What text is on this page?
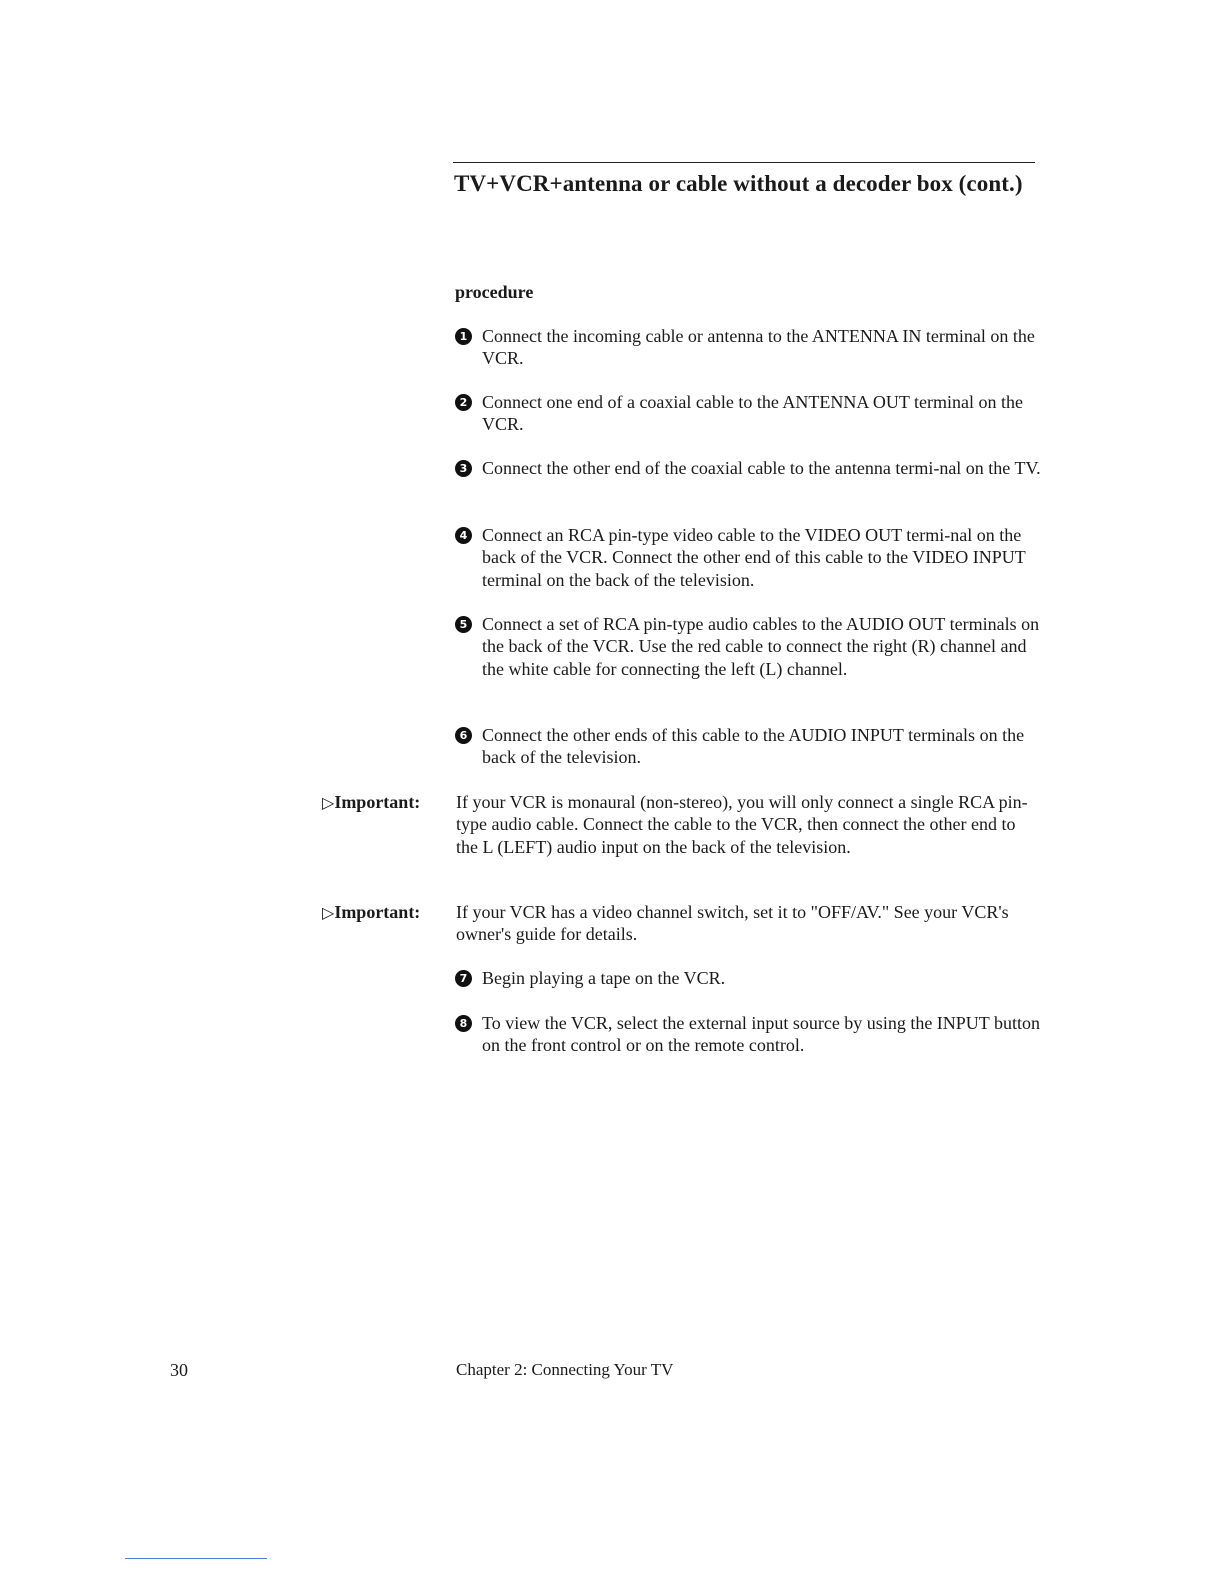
TV+VCR+antenna or cable without a decoder box (cont.)
procedure
1 Connect the incoming cable or antenna to the ANTENNA IN terminal on the VCR.
2 Connect one end of a coaxial cable to the ANTENNA OUT terminal on the VCR.
3 Connect the other end of the coaxial cable to the antenna termi-nal on the TV.
4 Connect an RCA pin-type video cable to the VIDEO OUT termi-nal on the back of the VCR. Connect the other end of this cable to the VIDEO INPUT terminal on the back of the television.
5 Connect a set of RCA pin-type audio cables to the AUDIO OUT terminals on the back of the VCR. Use the red cable to connect the right (R) channel and the white cable for connecting the left (L) channel.
6 Connect the other ends of this cable to the AUDIO INPUT terminals on the back of the television.
▷Important: If your VCR is monaural (non-stereo), you will only connect a single RCA pin-type audio cable. Connect the cable to the VCR, then connect the other end to the L (LEFT) audio input on the back of the television.
▷Important: If your VCR has a video channel switch, set it to "OFF/AV." See your VCR's owner's guide for details.
7 Begin playing a tape on the VCR.
8 To view the VCR, select the external input source by using the INPUT button on the front control or on the remote control.
30	Chapter 2: Connecting Your TV
